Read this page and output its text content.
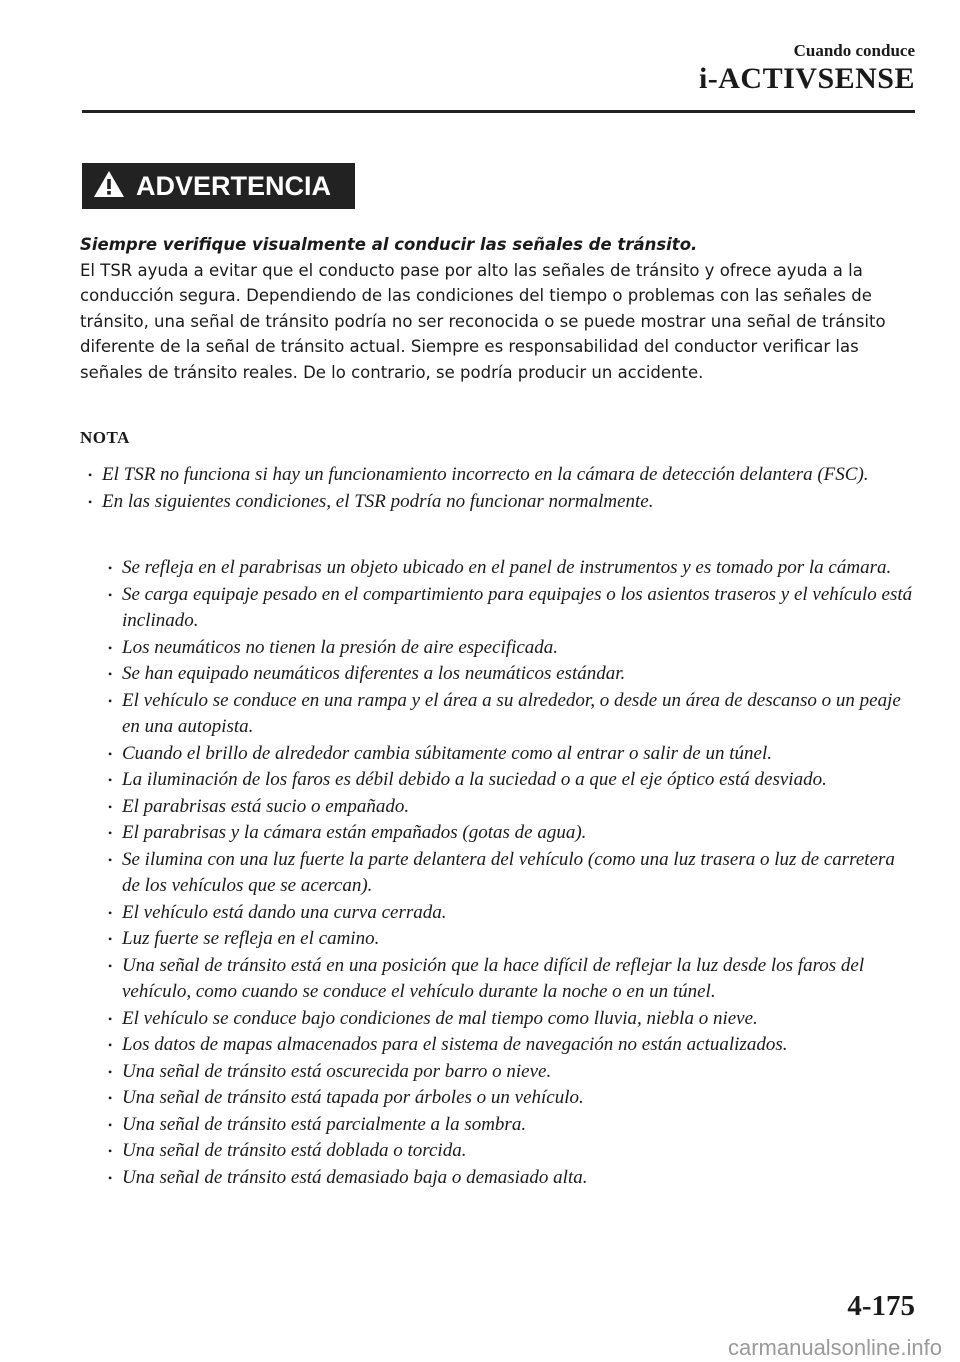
Cuando conduce
i-ACTIVSENSE
ADVERTENCIA

Siempre verifique visualmente al conducir las señales de tránsito.

El TSR ayuda a evitar que el conducto pase por alto las señales de tránsito y ofrece ayuda a la conducción segura. Dependiendo de las condiciones del tiempo o problemas con las señales de tránsito, una señal de tránsito podría no ser reconocida o se puede mostrar una señal de tránsito diferente de la señal de tránsito actual. Siempre es responsabilidad del conductor verificar las señales de tránsito reales. De lo contrario, se podría producir un accidente.

NOTA
• El TSR no funciona si hay un funcionamiento incorrecto en la cámara de detección delantera (FSC).
• En las siguientes condiciones, el TSR podría no funcionar normalmente.
• Se refleja en el parabrisas un objeto ubicado en el panel de instrumentos y es tomado por la cámara.
• Se carga equipaje pesado en el compartimiento para equipajes o los asientos traseros y el vehículo está inclinado.
• Los neumáticos no tienen la presión de aire especificada.
• Se han equipado neumáticos diferentes a los neumáticos estándar.
• El vehículo se conduce en una rampa y el área a su alrededor, o desde un área de descanso o un peaje en una autopista.
• Cuando el brillo de alrededor cambia súbitamente como al entrar o salir de un túnel.
• La iluminación de los faros es débil debido a la suciedad o a que el eje óptico está desviado.
• El parabrisas está sucio o empañado.
• El parabrisas y la cámara están empañados (gotas de agua).
• Se ilumina con una luz fuerte la parte delantera del vehículo (como una luz trasera o luz de carretera de los vehículos que se acercan).
• El vehículo está dando una curva cerrada.
• Luz fuerte se refleja en el camino.
• Una señal de tránsito está en una posición que la hace difícil de reflejar la luz desde los faros del vehículo, como cuando se conduce el vehículo durante la noche o en un túnel.
• El vehículo se conduce bajo condiciones de mal tiempo como lluvia, niebla o nieve.
• Los datos de mapas almacenados para el sistema de navegación no están actualizados.
• Una señal de tránsito está oscurecida por barro o nieve.
• Una señal de tránsito está tapada por árboles o un vehículo.
• Una señal de tránsito está parcialmente a la sombra.
• Una señal de tránsito está doblada o torcida.
• Una señal de tránsito está demasiado baja o demasiado alta.
4-175
carmanualsonline.info
